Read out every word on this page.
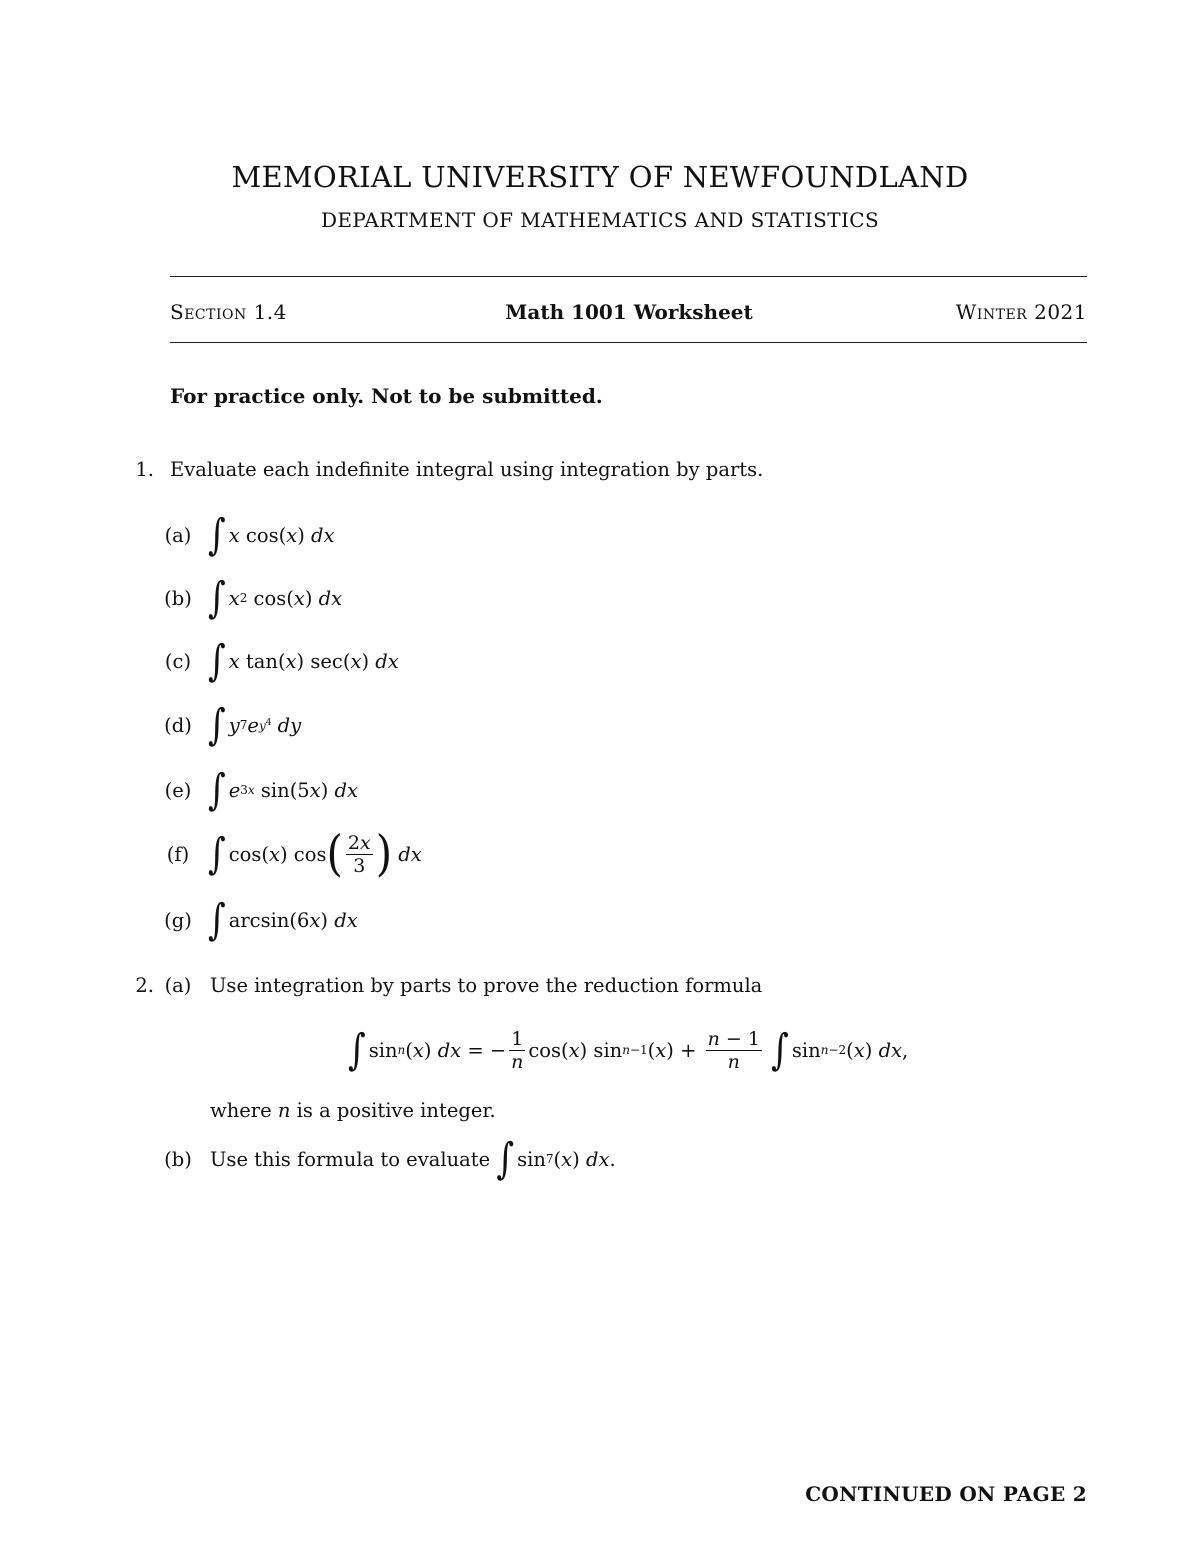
MEMORIAL UNIVERSITY OF NEWFOUNDLAND
DEPARTMENT OF MATHEMATICS AND STATISTICS
Section 1.4	Math 1001 Worksheet	Winter 2021
For practice only. Not to be submitted.
1. Evaluate each indefinite integral using integration by parts.
(a) ∫ x cos( x ) dx
(b) ∫ x 2 cos( x ) dx
(c) ∫ x tan( x ) sec( x ) dx
(d) ∫ y 7 e $y^4$
dy
(e) ∫ e 3x sin(5 x ) dx
(f) ∫ cos( x ) cos ( $\frac{2x}{3}$ )
dx
(g) ∫ arcsin(6 x ) dx
2. (a) Use integration by parts to prove the reduction formula
∫ sin n ( x ) dx = − $\frac{1}{n} \cos$( x ) sin n−1 ( x ) + $\frac{n - 1}{n}$
∫ sin n−2 ( x ) dx ,
where n is a positive integer.
(b) Use this formula to evaluate
∫ sin 7 ( x ) dx .
CONTINUED ON PAGE 2
